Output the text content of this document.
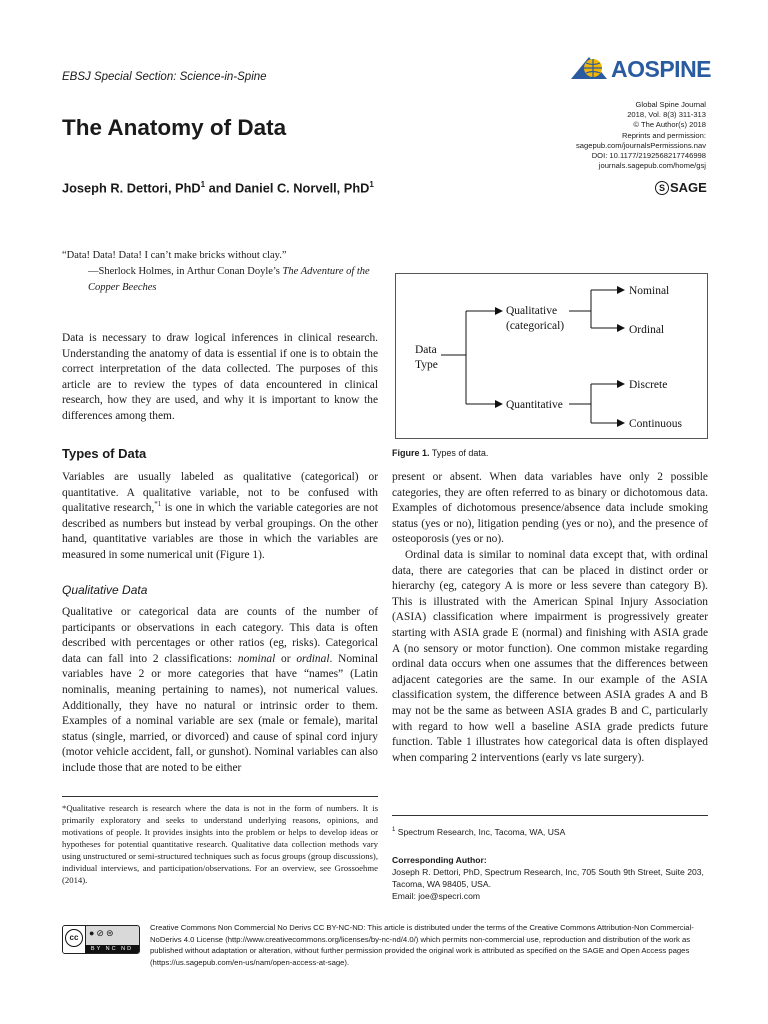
EBSJ Special Section: Science-in-Spine	AOSPINE
Global Spine Journal
2018, Vol. 8(3) 311-313
© The Author(s) 2018
Reprints and permission:
sagepub.com/journalsPermissions.nav
DOI: 10.1177/2192568217746998
journals.sagepub.com/home/gsj
S SAGE
The Anatomy of Data
Joseph R. Dettori, PhD$^1$ and Daniel C. Norvell, PhD$^1$
“Data! Data! Data! I can’t make bricks without clay.”
—Sherlock Holmes, in Arthur Conan Doyle’s The Adventure of the Copper Beeches
Data is necessary to draw logical inferences in clinical research. Understanding the anatomy of data is essential if one is to obtain the correct interpretation of the data collected. The purposes of this article are to review the types of data encountered in clinical research, how they are used, and why it is important to know the differences among them.
Types of Data
Variables are usually labeled as qualitative (categorical) or quantitative. A qualitative variable, not to be confused with qualitative research,$^{*1}$ is one in which the variable categories are not described as numbers but instead by verbal groupings. On the other hand, quantitative variables are those in which the variables are measured in some numerical unit (Figure 1).
Qualitative Data
Qualitative or categorical data are counts of the number of participants or observations in each category. This data is often described with percentages or other ratios (eg, risks). Categorical data can fall into 2 classifications: nominal or ordinal. Nominal variables have 2 or more categories that have “names” (Latin nominalis, meaning pertaining to names), not numerical values. Additionally, they have no natural or intrinsic order to them. Examples of a nominal variable are sex (male or female), marital status (single, married, or divorced) and cause of spinal cord injury (motor vehicle accident, fall, or gunshot). Nominal variables can also include those that are noted to be either
*Qualitative research is research where the data is not in the form of numbers. It is primarily exploratory and seeks to understand underlying reasons, opinions, and motivations of people. It provides insights into the problem or helps to develop ideas or hypotheses for potential quantitative research. Qualitative data collection methods vary using unstructured or semi-structured techniques such as focus groups (group discussions), individual interviews, and participation/observations. For an overview, see Grossoehme (2014).
Data
Type
Qualitative
(categorical)
Quantitative
Nominal
Ordinal
Discrete
Continuous
Figure 1. Types of data.
present or absent. When data variables have only 2 possible categories, they are often referred to as binary or dichotomous data. Examples of dichotomous presence/absence data include smoking status (yes or no), litigation pending (yes or no), and the presence of osteoporosis (yes or no).
Ordinal data is similar to nominal data except that, with ordinal data, there are categories that can be placed in distinct order or hierarchy (eg, category A is more or less severe than category B). This is illustrated with the American Spinal Injury Association (ASIA) classification where impairment is progressively greater starting with ASIA grade E (normal) and finishing with ASIA grade A (no sensory or motor function). One common mistake regarding ordinal data occurs when one assumes that the differences between adjacent categories are the same. In our example of the ASIA classification system, the difference between ASIA grades A and B may not be the same as between ASIA grades B and C, particularly with regard to how well a baseline ASIA grade predicts future function. Table 1 illustrates how categorical data is often displayed when comparing 2 interventions (early vs late surgery).
$^1$ Spectrum Research, Inc, Tacoma, WA, USA
Corresponding Author:
Joseph R. Dettori, PhD, Spectrum Research, Inc, 705 South 9th Street, Suite 203, Tacoma, WA 98405, USA.
Email: joe@specri.com
cc	●⊘⊜
BY NC ND
Creative Commons Non Commercial No Derivs CC BY-NC-ND: This article is distributed under the terms of the Creative Commons Attribution-Non Commercial-NoDerivs 4.0 License (http://www.creativecommons.org/licenses/by-nc-nd/4.0/) which permits non-commercial use, reproduction and distribution of the work as published without adaptation or alteration, without further permission provided the original work is attributed as specified on the SAGE and Open Access pages (https://us.sagepub.com/en-us/nam/open-access-at-sage).
